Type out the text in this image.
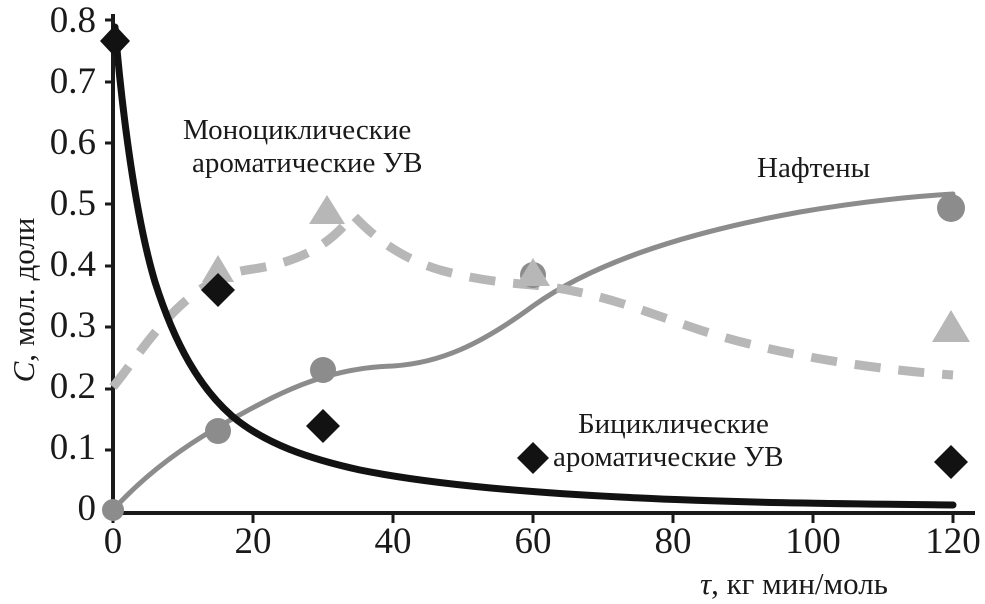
0.8
0.7
0.6
0.5
0.4
0.3
0.2
0.1
0
0	20	40	60	80	100 120
C, мол. доли
τ, кг мин/моль
Моноциклические
ароматические УВ	Нафтены
Бициклические
ароматические УВ
